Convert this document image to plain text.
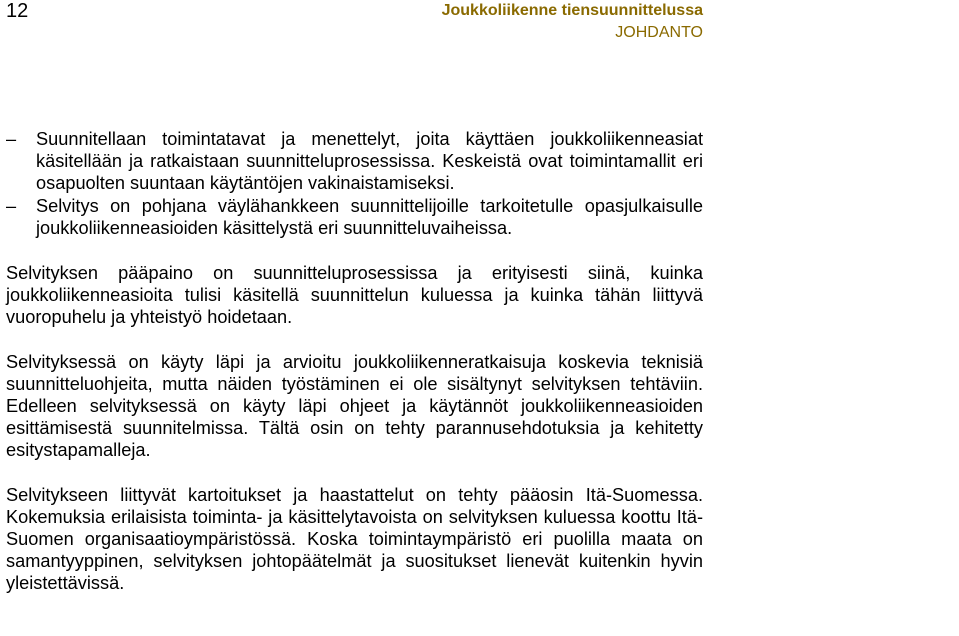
12	Joukkoliikenne tiensuunnittelussa
JOHDANTO
– Suunnitellaan toimintatavat ja menettelyt, joita käyttäen joukkoliikenneasiat käsitellään ja ratkaistaan suunnitteluprosessissa. Keskeistä ovat toimintamallit eri osapuolten suuntaan käytäntöjen vakinaistamiseksi.
– Selvitys on pohjana väylähankkeen suunnittelijoille tarkoitetulle opasjulkaisulle joukkoliikenneasioiden käsittelystä eri suunnitteluvaiheissa.

Selvityksen pääpaino on suunnitteluprosessissa ja erityisesti siinä, kuinka joukkoliikenneasioita tulisi käsitellä suunnittelun kuluessa ja kuinka tähän liittyvä vuoropuhelu ja yhteistyö hoidetaan.

Selvityksessä on käyty läpi ja arvioitu joukkoliikenneratkaisuja koskevia teknisiä suunnitteluohjeita, mutta näiden työstäminen ei ole sisältynyt selvityksen tehtäviin. Edelleen selvityksessä on käyty läpi ohjeet ja käytännöt joukkoliikenneasioiden esittämisestä suunnitelmissa. Tältä osin on tehty parannusehdotuksia ja kehitetty esitystapamalleja.

Selvitykseen liittyvät kartoitukset ja haastattelut on tehty pääosin Itä-Suomessa. Kokemuksia erilaisista toiminta- ja käsittelytavoista on selvityksen kuluessa koottu Itä-Suomen organisaatioympäristössä. Koska toimintaympäristö eri puolilla maata on samantyyppinen, selvityksen johtopäätelmät ja suositukset lienevät kuitenkin hyvin yleistettävissä.
